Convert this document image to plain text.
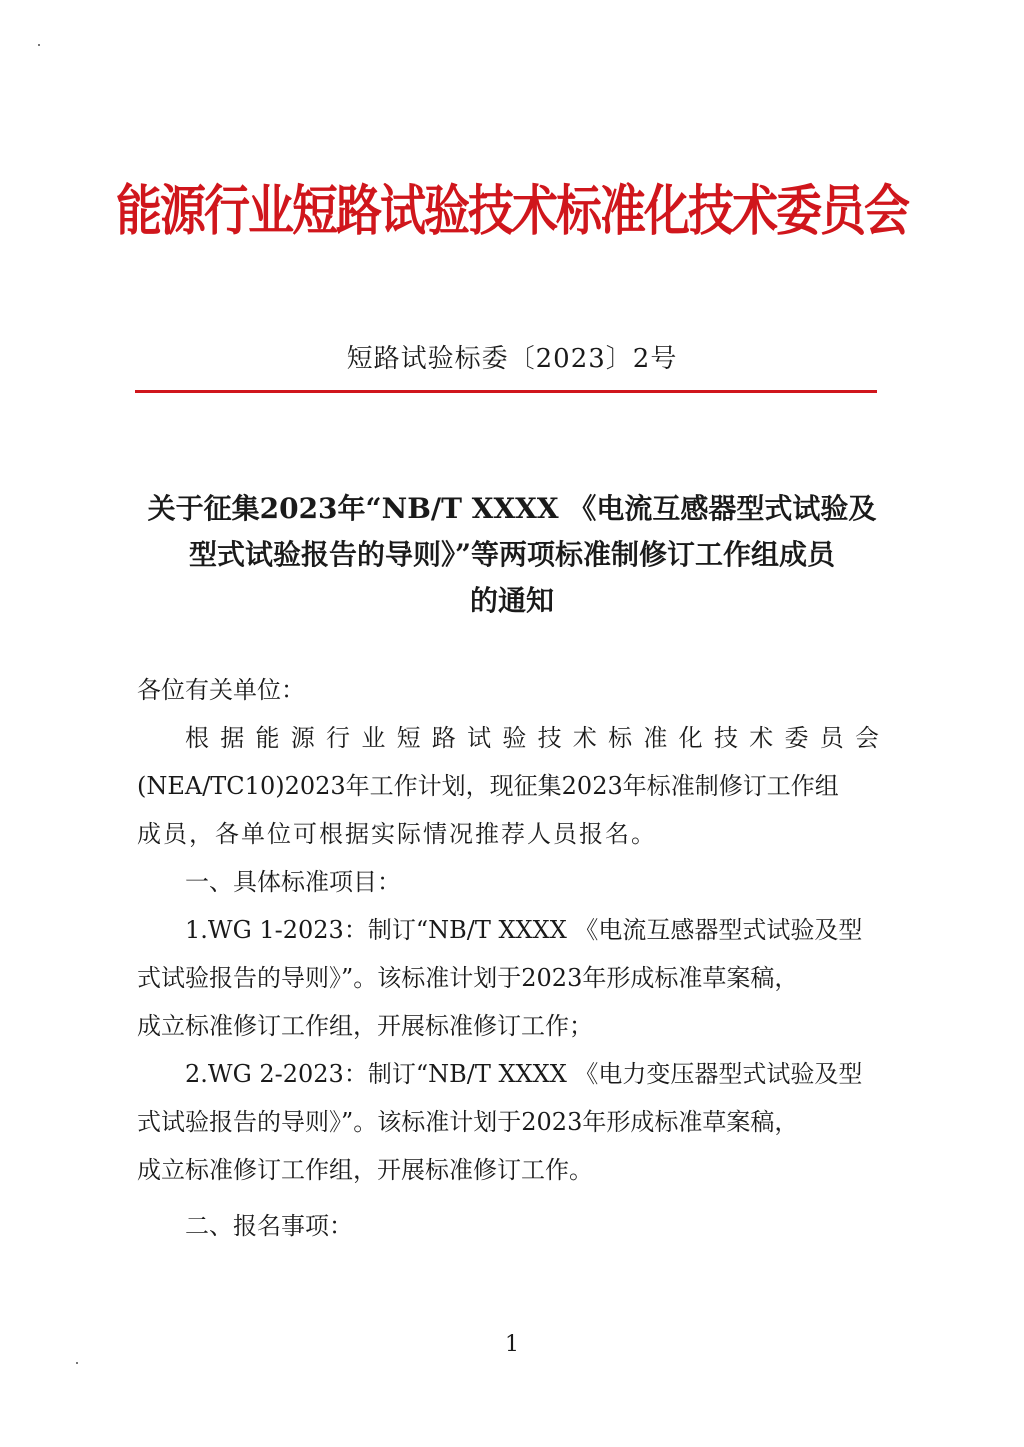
能源行业短路试验技术标准化技术委员会
短路试验标委〔2023〕2号
关于征集2023年“NB/T XXXX 《电流互感器型式试验及
型式试验报告的导则》”等两项标准制修订工作组成员
的通知
各位有关单位：
根据能源行业短路试验技术标准化技术委员会
(NEA/TC10)2023年工作计划，现征集2023年标准制修订工作组
成员，各单位可根据实际情况推荐人员报名。
一、具体标准项目：
1.WG 1-2023：制订“NB/T XXXX 《电流互感器型式试验及型
式试验报告的导则》”。该标准计划于2023年形成标准草案稿，
成立标准修订工作组，开展标准修订工作；
2.WG 2-2023：制订“NB/T XXXX 《电力变压器型式试验及型
式试验报告的导则》”。该标准计划于2023年形成标准草案稿，
成立标准修订工作组，开展标准修订工作。
二、报名事项：
1
